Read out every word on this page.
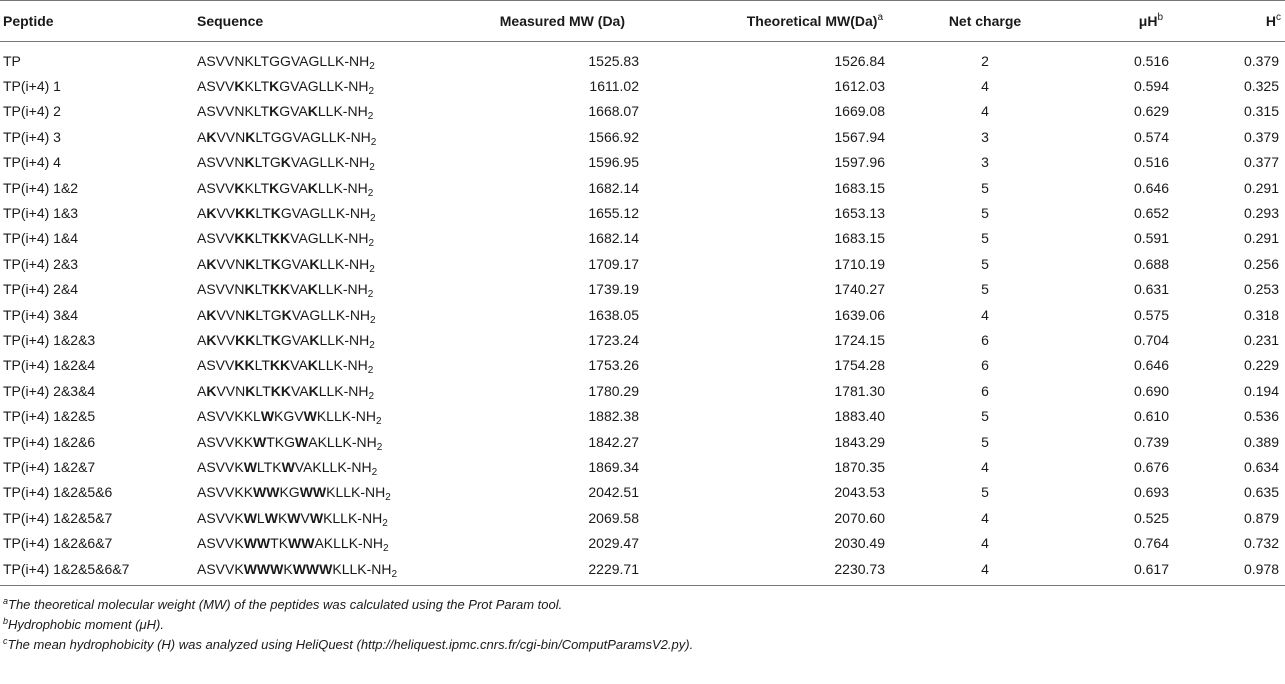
Peptide	Sequence	Measured MW (Da)	Theoretical $MW(Da)^a$	Net charge	$\mu H^b$	$H^c$
TP	ASVVNKLTGGVAGLLK-$NH_2$	1525.83	1526.84	2	0.516	0.379
TP(i+4) 1	ASVVKKLTKGVAGLLK-$NH_2$	1611.02	1612.03	4	0.594	0.325
TP(i+4) 2	ASVVNKLTKGVAKLLK-$NH_2$	1668.07	1669.08	4	0.629	0.315
TP(i+4) 3	AKVVNKLTGGVAGLLK-$NH_2$	1566.92	1567.94	3	0.574	0.379
TP(i+4) 4	ASVVNKLTGKVAGLLK-$NH_2$	1596.95	1597.96	3	0.516	0.377
TP(i+4) 1&2	ASVVKKLTKGVAKLLK-$NH_2$	1682.14	1683.15	5	0.646	0.291
TP(i+4) 1&3	AKVVKKLTKGVAGLLK-$NH_2$	1655.12	1653.13	5	0.652	0.293
TP(i+4) 1&4	ASVVKKLTKKVAGLLK-$NH_2$	1682.14	1683.15	5	0.591	0.291
TP(i+4) 2&3	AKVVNKLTKGVAKLLK-$NH_2$	1709.17	1710.19	5	0.688	0.256
TP(i+4) 2&4	ASVVNKLTKKVAKLLK-$NH_2$	1739.19	1740.27	5	0.631	0.253
TP(i+4) 3&4	AKVVNKLTGKVAGLLK-$NH_2$	1638.05	1639.06	4	0.575	0.318
TP(i+4) 1&2&3	AKVVKKLTKGVAKLLK-$NH_2$	1723.24	1724.15	6	0.704	0.231
TP(i+4) 1&2&4	ASVVKKLTKKVAKLLK-$NH_2$	1753.26	1754.28	6	0.646	0.229
TP(i+4) 2&3&4	AKVVNKLTKKVAKLLK-$NH_2$	1780.29	1781.30	6	0.690	0.194
TP(i+4) 1&2&5	ASVVKKLWKGVWKLLK-$NH_2$	1882.38	1883.40	5	0.610	0.536
TP(i+4) 1&2&6	ASVVKKWTKGWAKLLK-$NH_2$	1842.27	1843.29	5	0.739	0.389
TP(i+4) 1&2&7	ASVVKWLTKWVAKLLK-$NH_2$	1869.34	1870.35	4	0.676	0.634
TP(i+4) 1&2&5&6	ASVVKKWWKGWWKLLK-$NH_2$	2042.51	2043.53	5	0.693	0.635
TP(i+4) 1&2&5&7	ASVVKWLWKWVWKLLK-$NH_2$	2069.58	2070.60	4	0.525	0.879
TP(i+4) 1&2&6&7	ASVVKWWTKWWAKLLK-$NH_2$	2029.47	2030.49	4	0.764	0.732
TP(i+4) 1&2&5&6&7	ASVVKWWWKWWWKLLK-$NH_2$	2229.71	2230.73	4	0.617	0.978
$^a$The theoretical molecular weight (MW) of the peptides was calculated using the Prot Param tool.
$^b$Hydrophobic moment (μH).
$^c$The mean hydrophobicity (H) was analyzed using HeliQuest (http://heliquest.ipmc.cnrs.fr/cgi-bin/ComputParamsV2.py).
